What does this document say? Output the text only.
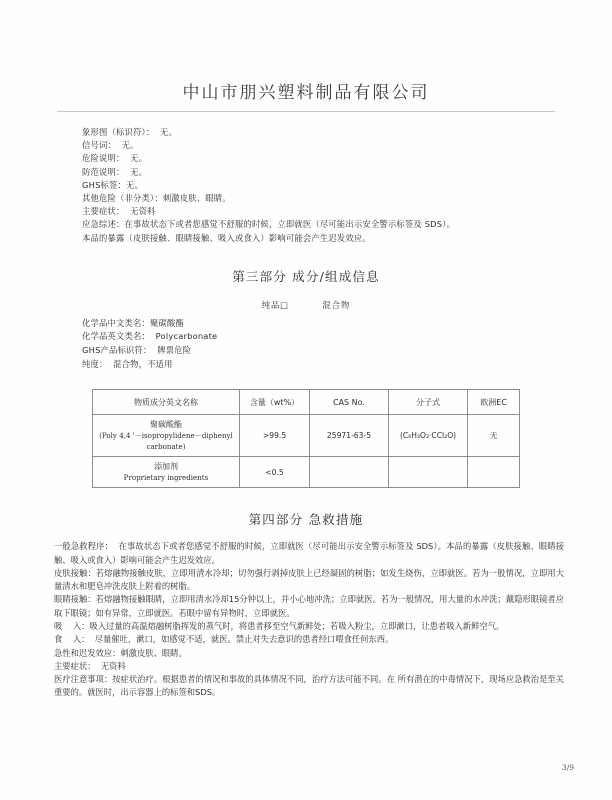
中山市朋兴塑料制品有限公司
象形图（标识符）：  无。
信号词：  无。
危险说明：  无。
防范说明：  无。
GHS标签：无。
其他危险（非分类）：刺激皮肤、眼睛。
主要症状：  无资料
应急综述：在事故状态下或者您感觉不舒服的时候，立即就医（尽可能出示安全警示标签及 SDS）。
本品的暴露（皮肤接触、眼睛接触、吸入或食入）影响可能会产生迟发效应。
第三部分 成分/组成信息
纯品□	混合物
化学品中文类名：聚碳酸酯
化学品英文类名：  Polycarbonate
GHS产品标识符：  牌票危险
纯度：  混合物，不适用
物质成分英文名称	含量（wt%）	CAS No.	分子式	欧洲EC

聚碳酸酯
(Poly 4,4 '－isopropylidene－diphenyl carbonate)	>99.5	25971-63-5	(C₆H₃O₂·CCl₂O)	无

添加剂
Proprietary ingredients	<0.5			
第四部分 急救措施
一般急救程序：  在事故状态下或者您感觉不舒服的时候，立即就医（尽可能出示安全警示标签及 SDS）。本品的暴露（皮肤接触、眼睛接触、吸入或食入）影响可能会产生迟发效应。
皮肤接触：若熔融物接触皮肤，立即用清水冷却；切勿强行剥掉皮肤上已经凝固的树脂；如发生烧伤，立即就医。若为一般情况，立即用大量清水和肥皂冲洗皮肤上附着的树脂。
眼睛接触：若熔融物接触眼睛，立即用清水冷却15分钟以上，并小心地冲洗；立即就医。若为一般情况，用大量的水冲洗；戴隐形眼镜者应取下眼镜；如有异常，立即就医。若眼中留有异物时，立即就医。
吸    入：吸入过量的高温熔融树脂挥发的蒸气时，将患者移至空气新鲜处；若吸入粉尘，立即漱口，让患者吸入新鲜空气。
食    入：  尽量催吐，漱口，如感觉不适，就医。禁止对失去意识的患者经口喂食任何东西。
急性和迟发效应：刺激皮肤、眼睛。
主要症状：  无资料
医疗注意事项：按症状治疗。根据患者的情况和事故的具体情况不同，治疗方法可能不同。在 所有潜在的中毒情况下，现场应急救治是至关重要的。就医时，出示容器上的标签和SDS。
3/9
